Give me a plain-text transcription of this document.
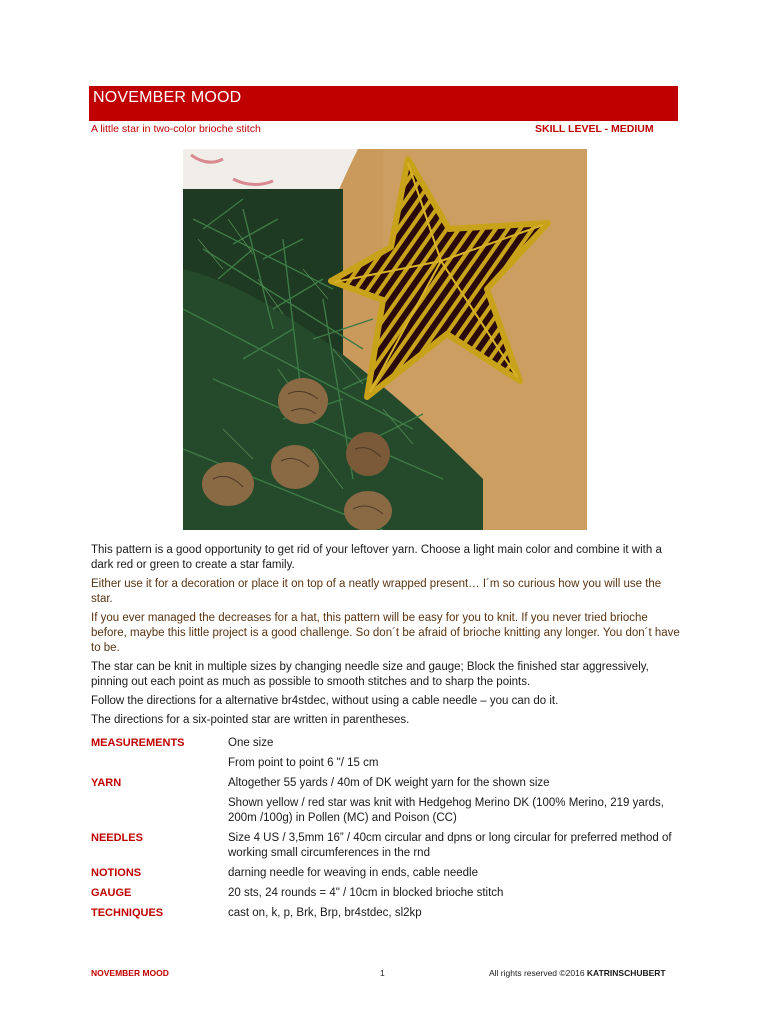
NOVEMBER MOOD
A little star in two-color brioche stitch	SKILL LEVEL - MEDIUM

This pattern is a good opportunity to get rid of your leftover yarn. Choose a light main color and combine it with a dark red or green to create a star family.

Either use it for a decoration or place it on top of a neatly wrapped present… I´m so curious how you will use the star.

If you ever managed the decreases for a hat, this pattern will be easy for you to knit. If you never tried brioche before, maybe this little project is a good challenge. So don´t be afraid of brioche knitting any longer. You don´t have to be.

The star can be knit in multiple sizes by changing needle size and gauge; Block the finished star aggressively, pinning out each point as much as possible to smooth stitches and to sharp the points.

Follow the directions for a alternative br4stdec, without using a cable needle – you can do it.

The directions for a six-pointed star are written in parentheses.

MEASUREMENTS	One size
From point to point 6 "/ 15 cm
YARN	Altogether 55 yards / 40m of DK weight yarn for the shown size
Shown yellow / red star was knit with Hedgehog Merino DK (100% Merino, 219 yards, 200m /100g) in Pollen (MC) and Poison (CC)
NEEDLES	Size 4 US / 3,5mm 16” / 40cm circular and dpns or long circular for preferred method of working small circumferences in the rnd
NOTIONS	darning needle for weaving in ends, cable needle
GAUGE	20 sts, 24 rounds = 4" / 10cm in blocked brioche stitch
TECHNIQUES	cast on, k, p, Brk, Brp, br4stdec, sl2kp
NOVEMBER MOOD	1	All rights reserved ©2016 KATRINSCHUBERT
